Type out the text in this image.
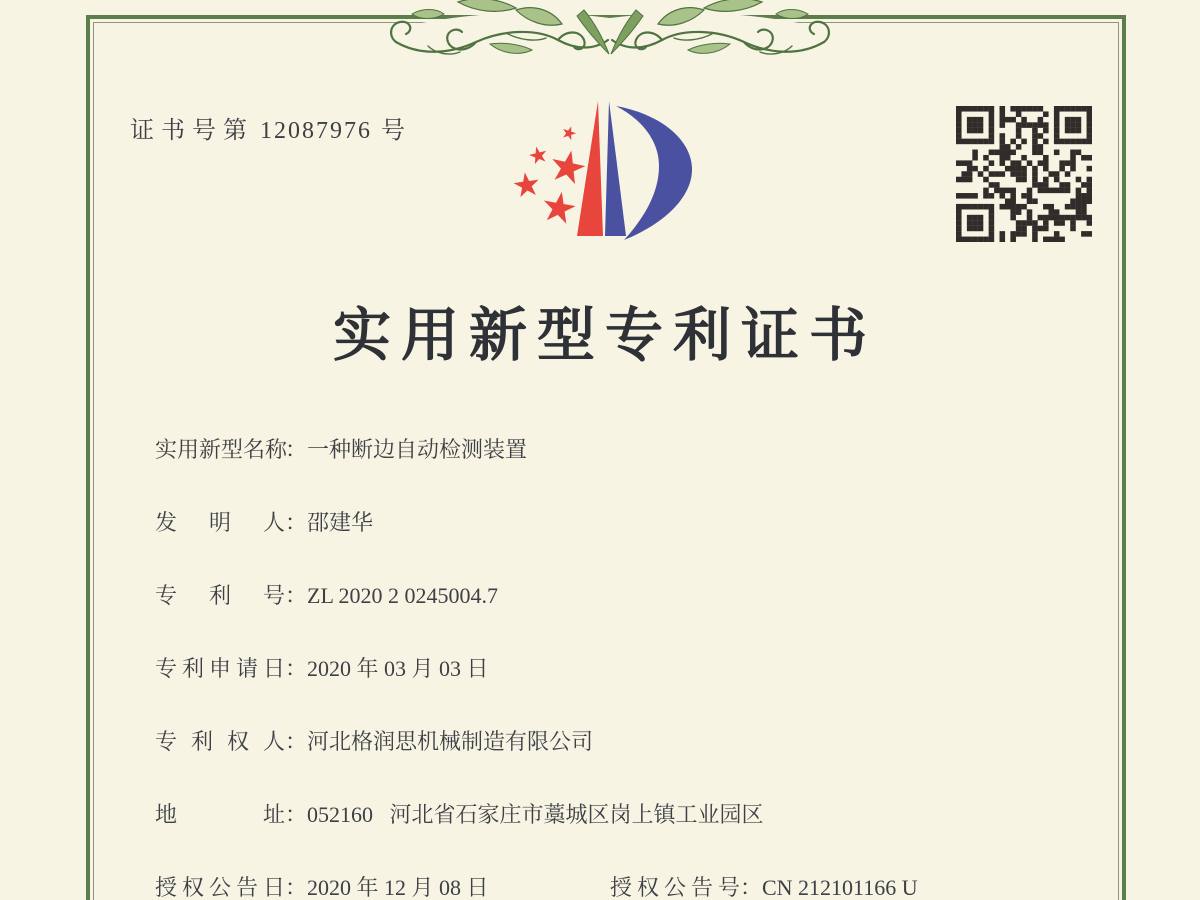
证书号第 12087976 号
★
★
★
★
★
实用新型专利证书
实用新型名称：一种断边自动检测装置
发明人：邵建华
专利号：ZL 2020 2 0245004.7
专利申请日：2020 年 03 月 03 日
专利权人：河北格润思机械制造有限公司
地址：052160   河北省石家庄市藁城区岗上镇工业园区
授权公告日：2020 年 12 月 08 日	授权公告号：CN 212101166 U
